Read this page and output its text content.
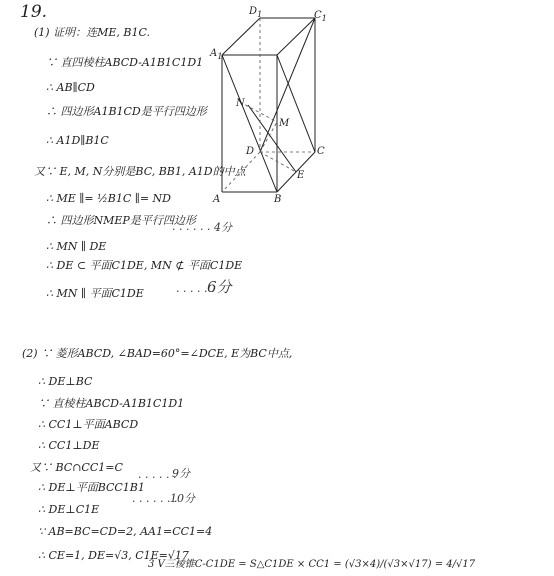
19.
(1) 证明：连ME, B1C.
∵ 直四棱柱ABCD-A1B1C1D1
∴ AB∥CD
∴ 四边形A1B1CD是平行四边形
∴ A1D∥B1C
又∵ E, M, N分别是BC, BB1, A1D的中点
∴ ME ∥= ½B1C ∥= ND
∴ 四边形NMEP是平行四边形
∴ MN ∥ DE
∴ DE ⊂ 平面C1DE, MN ⊄ 平面C1DE
∴ MN ∥ 平面C1DE
· · · · · · 4分
· · · · · ·
6分
(2) ∵ 菱形ABCD, ∠BAD=60°=∠DCE, E为BC中点,
∴ DE⊥BC
∵ 直棱柱ABCD-A1B1C1D1
∴ CC1⊥平面ABCD
∴ CC1⊥DE
又∵ BC∩CC1=C
∴ DE⊥平面BCC1B1
∴ DE⊥C1E
∵ AB=BC=CD=2, AA1=CC1=4
∴ CE=1, DE=√3, C1E=√17
· · · · · ·
9分
· · · · · · ·
10分
3 V三棱锥C-C1DE = S△C1DE × CC1 = (√3×4)/(√3×√17) = 4/√17
$D_1$	$C_1$
$A_1$
N
M
D	C
E
A	B
